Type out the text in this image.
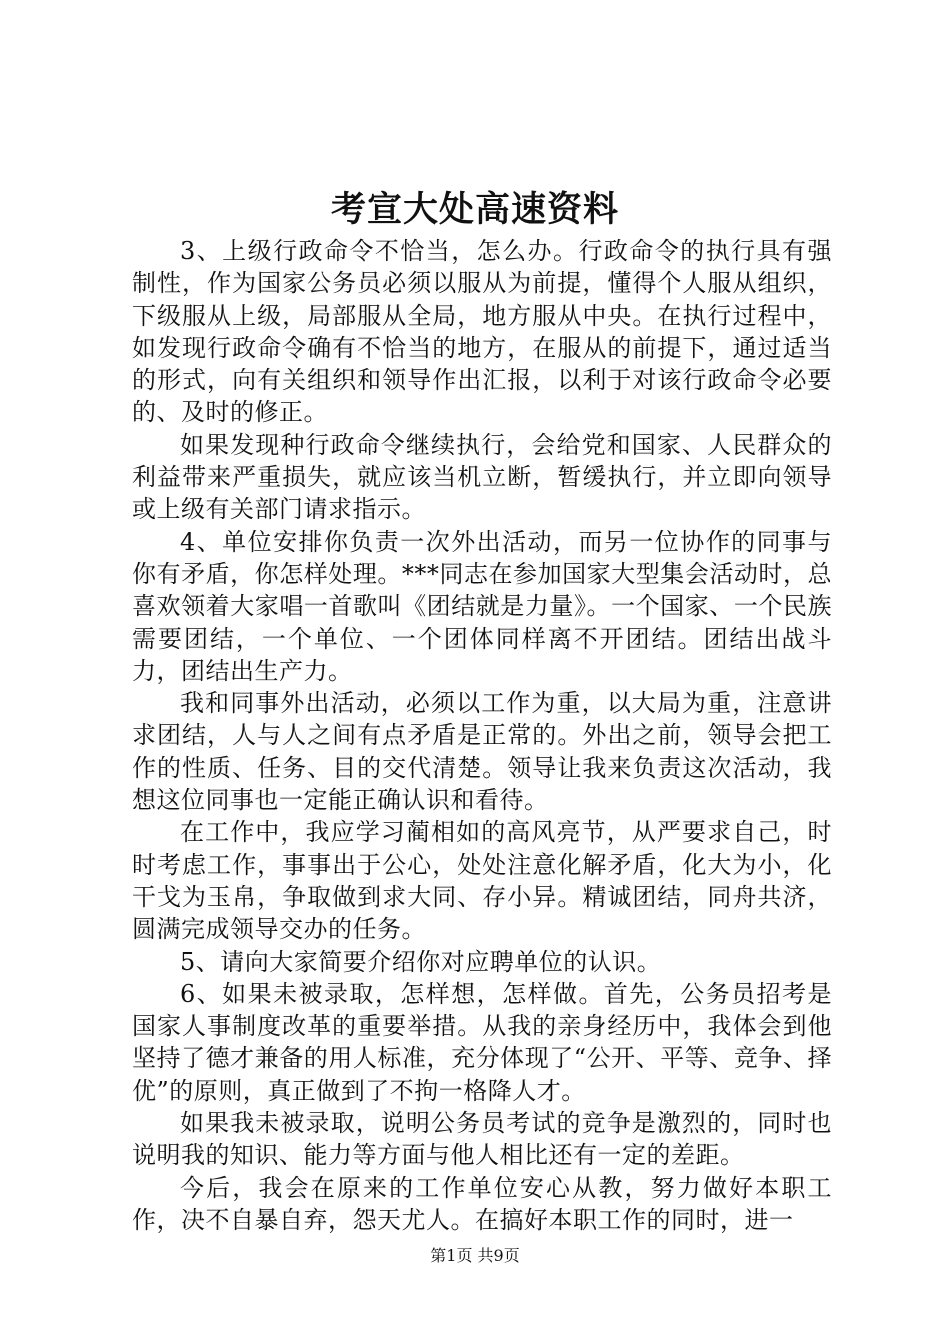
考宣大处高速资料

3、上级行政命令不恰当，怎么办。行政命令的执行具有强制性，作为国家公务员必须以服从为前提，懂得个人服从组织，下级服从上级，局部服从全局，地方服从中央。在执行过程中，如发现行政命令确有不恰当的地方，在服从的前提下，通过适当的形式，向有关组织和领导作出汇报，以利于对该行政命令必要的、及时的修正。

如果发现种行政命令继续执行，会给党和国家、人民群众的利益带来严重损失，就应该当机立断，暂缓执行，并立即向领导或上级有关部门请求指示。

4、单位安排你负责一次外出活动，而另一位协作的同事与你有矛盾，你怎样处理。***同志在参加国家大型集会活动时，总喜欢领着大家唱一首歌叫《团结就是力量》。一个国家、一个民族需要团结，一个单位、一个团体同样离不开团结。团结出战斗力，团结出生产力。

我和同事外出活动，必须以工作为重，以大局为重，注意讲求团结，人与人之间有点矛盾是正常的。外出之前，领导会把工作的性质、任务、目的交代清楚。领导让我来负责这次活动，我想这位同事也一定能正确认识和看待。

在工作中，我应学习蔺相如的高风亮节，从严要求自己，时时考虑工作，事事出于公心，处处注意化解矛盾，化大为小，化干戈为玉帛，争取做到求大同、存小异。精诚团结，同舟共济，圆满完成领导交办的任务。

5、请向大家简要介绍你对应聘单位的认识。

6、如果未被录取，怎样想，怎样做。首先，公务员招考是国家人事制度改革的重要举措。从我的亲身经历中，我体会到他坚持了德才兼备的用人标准，充分体现了“公开、平等、竞争、择优”的原则，真正做到了不拘一格降人才。

如果我未被录取，说明公务员考试的竞争是激烈的，同时也说明我的知识、能力等方面与他人相比还有一定的差距。

今后，我会在原来的工作单位安心从教，努力做好本职工作，决不自暴自弃，怨天尤人。在搞好本职工作的同时，进一

第1页 共9页
